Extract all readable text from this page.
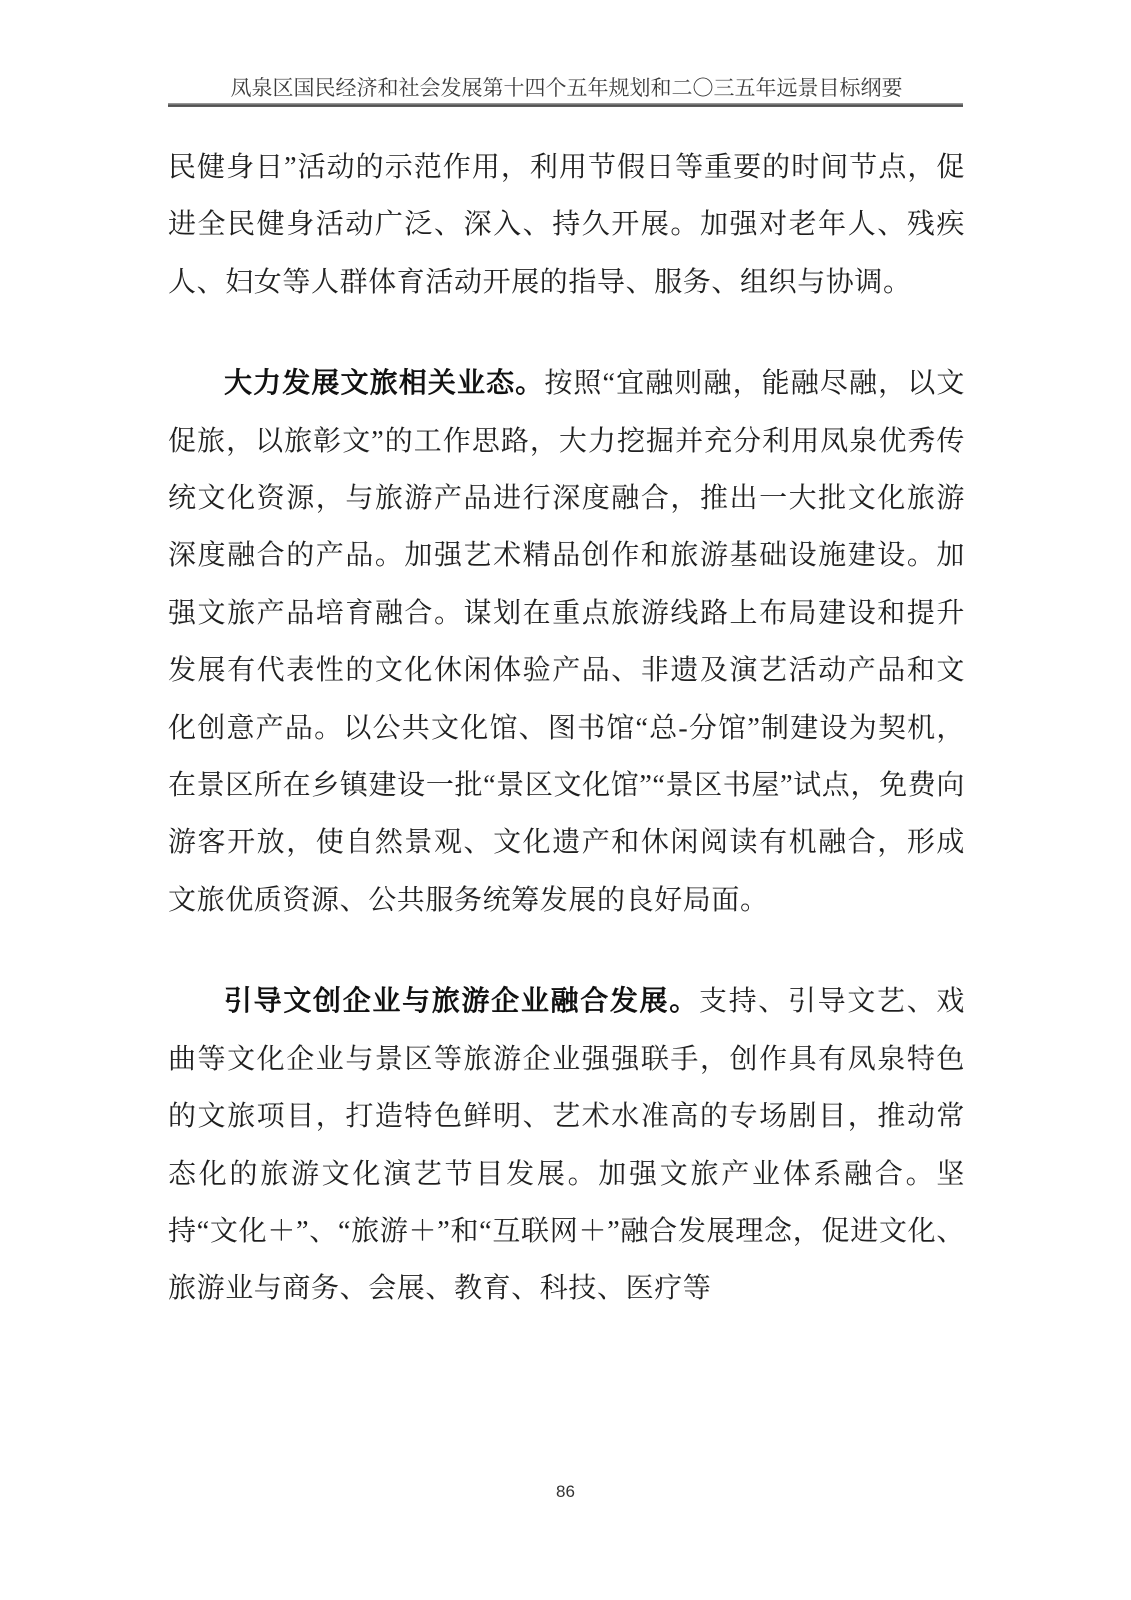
凤泉区国民经济和社会发展第十四个五年规划和二〇三五年远景目标纲要

民健身日”活动的示范作用，利用节假日等重要的时间节点，促进全民健身活动广泛、深入、持久开展。加强对老年人、残疾人、妇女等人群体育活动开展的指导、服务、组织与协调。

大力发展文旅相关业态。按照“宜融则融，能融尽融，以文促旅，以旅彰文”的工作思路，大力挖掘并充分利用凤泉优秀传统文化资源，与旅游产品进行深度融合，推出一大批文化旅游深度融合的产品。加强艺术精品创作和旅游基础设施建设。加强文旅产品培育融合。谋划在重点旅游线路上布局建设和提升发展有代表性的文化休闲体验产品、非遗及演艺活动产品和文化创意产品。以公共文化馆、图书馆“总-分馆”制建设为契机，在景区所在乡镇建设一批“景区文化馆”“景区书屋”试点，免费向游客开放，使自然景观、文化遗产和休闲阅读有机融合，形成文旅优质资源、公共服务统筹发展的良好局面。

引导文创企业与旅游企业融合发展。支持、引导文艺、戏曲等文化企业与景区等旅游企业强强联手，创作具有凤泉特色的文旅项目，打造特色鲜明、艺术水准高的专场剧目，推动常态化的旅游文化演艺节目发展。加强文旅产业体系融合。坚持“文化＋”、“旅游＋”和“互联网＋”融合发展理念，促进文化、旅游业与商务、会展、教育、科技、医疗等

86
